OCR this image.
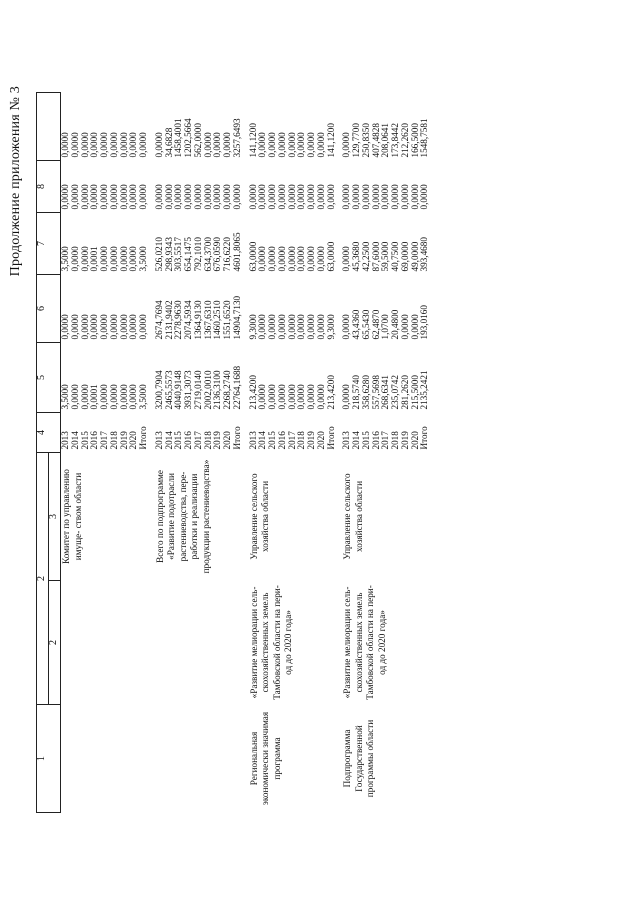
Продолжение приложения № 3
1	2		4	5	6	7	8	
	2	3						
		Комитет по управлению имуще- ством области	2013	3,5000	0,0000	3,5000	0,0000	0,0000
			2014	0,0000	0,0000	0,0000	0,0000	0,0000
			2015	0,0000	0,0000	0,0000	0,0000	0,0000
			2016	0,0001	0,0000	0,0001	0,0000	0,0000
			2017	0,0000	0,0000	0,0000	0,0000	0,0000
			2018	0,0000	0,0000	0,0000	0,0000	0,0000
			2019	0,0000	0,0000	0,0000	0,0000	0,0000
			2020	0,0000	0,0000	0,0000	0,0000	0,0000
			Итого	3,5000	0,0000	3,5000	0,0000	0,0000

		Всего по подпрограмме «Развитие подотрасли растениеводства, пере- работки и реализации продукции растениеводства»	2013	3200,7904	2674,7694	526,0210	0,0000	0,0000
			2014	2465,5573	2131,9402	298,9343	0,0000	34,6828
			2015	4040,9148	2278,9630	303,5517	0,0000	1458,4001
			2016	3931,3073	2074,5934	654,1475	0,0000	1202,5664
			2017	2719,0140	1364,9130	792,1010	0,0000	562,0000
			2018	2002,0010	1367,6310	634,3700	0,0000	0,0000
			2019	2136,3100	1460,2510	676,0590	0,0000	0,0000
			2020	2268,2740	1551,6520	716,6220	0,0000	0,0000
			Итого	22764,1688	14904,7130	4601,8065	0,0000	3257,6493

Региональная экономически значимая программа	«Развитие мелиорации сель- скохозяйственных земель Тамбовской области на пери- од до 2020 года»	Управление сельского хозяйства области	2013	213,4200	9,3000	63,0000	0,0000	141,1200
			2014	0,0000	0,0000	0,0000	0,0000	0,0000
			2015	0,0000	0,0000	0,0000	0,0000	0,0000
			2016	0,0000	0,0000	0,0000	0,0000	0,0000
			2017	0,0000	0,0000	0,0000	0,0000	0,0000
			2018	0,0000	0,0000	0,0000	0,0000	0,0000
			2019	0,0000	0,0000	0,0000	0,0000	0,0000
			2020	0,0000	0,0000	0,0000	0,0000	0,0000
			Итого	213,4200	9,3000	63,0000	0,0000	141,1200

Подпрограмма Государственной программы области	«Развитие мелиорации сель- скохозяйственных земель Тамбовской области на пери- од до 2020 года»	Управление сельского хозяйства области	2013	0,0000	0,0000	0,0000	0,0000	0,0000
			2014	218,5740	43,4360	45,3680	0,0000	129,7700
			2015	358,6280	65,5430	42,2500	0,0000	250,8350
			2016	557,5698	62,4870	87,6000	0,0000	407,4828
			2017	268,6341	1,0700	59,5000	0,0000	208,0641
			2018	235,0742	20,4800	40,7500	0,0000	173,8442
			2019	281,2620	0,0000	69,0000	0,0000	212,2620
			2020	215,5000	0,0000	49,0000	0,0000	166,5000
			Итого	2135,2421	193,0160	393,4680	0,0000	1548,7581
